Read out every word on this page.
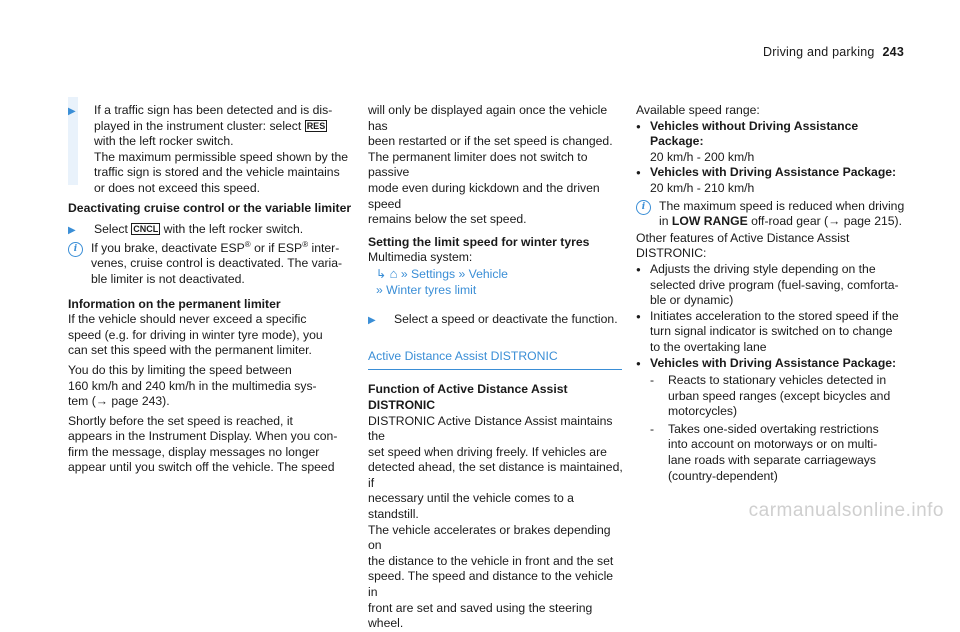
Driving and parking 243
▶	If a traffic sign has been detected and is dis-

played in the instrument cluster: select RES

with the left rocker switch.

The maximum permissible speed shown by the

traffic sign is stored and the vehicle maintains

or does not exceed this speed.

Deactivating cruise control or the variable limiter

▶	Select CNCL with the left rocker switch.

i	If you brake, deactivate ESP® or if ESP® inter-

venes, cruise control is deactivated. The varia-

ble limiter is not deactivated.

Information on the permanent limiter

If the vehicle should never exceed a specific

speed (e.g. for driving in winter tyre mode), you

can set this speed with the permanent limiter.

You do this by limiting the speed between

160 km/h and 240 km/h in the multimedia sys-

tem (→ page 243).

Shortly before the set speed is reached, it

appears in the Instrument Display. When you con-

firm the message, display messages no longer

appear until you switch off the vehicle. The speed

will only be displayed again once the vehicle has

been restarted or if the set speed is changed.

The permanent limiter does not switch to passive

mode even during kickdown and the driven speed

remains below the set speed.

Setting the limit speed for winter tyres

Multimedia system:

↳ ⌂ » Settings » Vehicle

» Winter tyres limit

▶	Select a speed or deactivate the function.

Active Distance Assist DISTRONIC

Function of Active Distance Assist DISTRONIC

DISTRONIC Active Distance Assist maintains the

set speed when driving freely. If vehicles are

detected ahead, the set distance is maintained, if

necessary until the vehicle comes to a standstill.

The vehicle accelerates or brakes depending on

the distance to the vehicle in front and the set

speed. The speed and distance to the vehicle in

front are set and saved using the steering wheel.

Available speed range:

● Vehicles without Driving Assistance Package:

20 km/h - 200 km/h

● Vehicles with Driving Assistance Package:

20 km/h - 210 km/h

i	The maximum speed is reduced when driving

in LOW RANGE off-road gear (→ page 215).

Other features of Active Distance Assist

DISTRONIC:

● Adjusts the driving style depending on the

selected drive program (fuel-saving, comforta-

ble or dynamic)

● Initiates acceleration to the stored speed if the

turn signal indicator is switched on to change

to the overtaking lane

● Vehicles with Driving Assistance Package:

- Reacts to stationary vehicles detected in

urban speed ranges (except bicycles and

motorcycles)

- Takes one-sided overtaking restrictions

into account on motorways or on multi-

lane roads with separate carriageways

(country-dependent)

carmanualsonline.info
